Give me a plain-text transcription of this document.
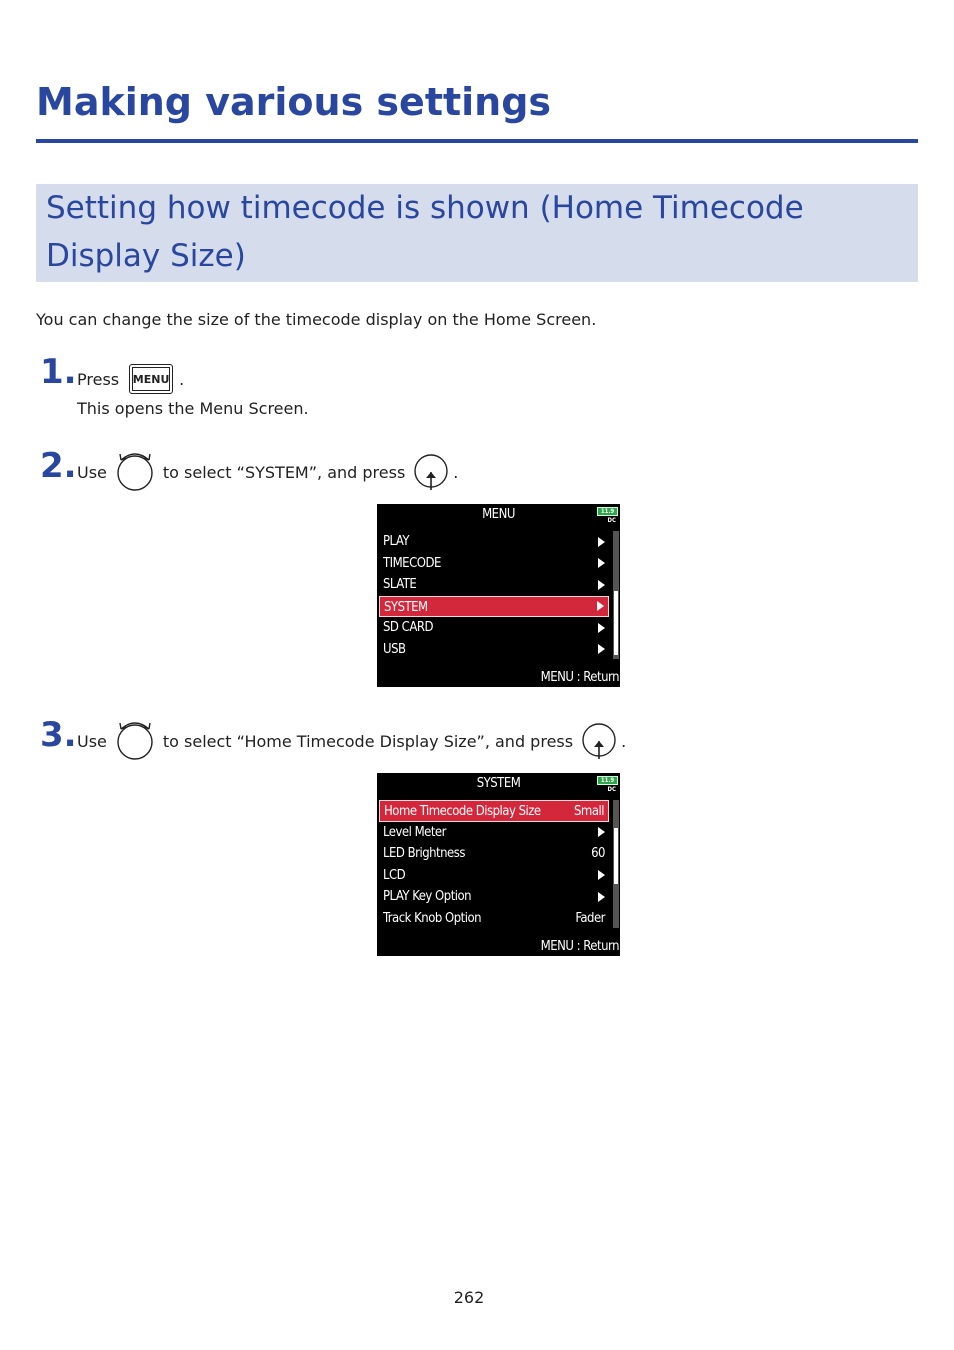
Making various settings
Setting how timecode is shown (Home Timecode Display Size)

You can change the size of the timecode display on the Home Screen.

1. Press	MENU .
This opens the Menu Screen.
2. Use	to select “SYSTEM”, and press	.
MENU	11.9
DC
PLAY
TIMECODE
SLATE
SYSTEM
SD CARD
USB
MENU : Return
3. Use	to select “Home Timecode Display Size”, and press	.
SYSTEM	11.9
DC
Home Timecode Display Size	Small
Level Meter
LED Brightness	60
LCD
PLAY Key Option
Track Knob Option	Fader
MENU : Return
262
